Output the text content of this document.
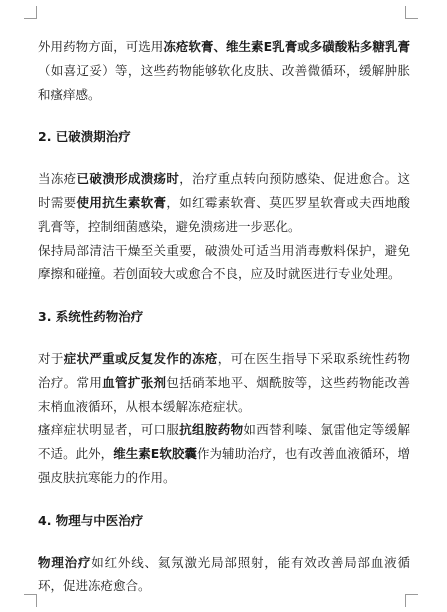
外用药物方面，可选用冻疮软膏、维生素E乳膏或多磺酸粘多糖乳膏（如喜辽妥）等，这些药物能够软化皮肤、改善微循环，缓解肿胀和瘙痒感。

2. 已破溃期治疗

当冻疮已破溃形成溃疡时，治疗重点转向预防感染、促进愈合。这时需要使用抗生素软膏，如红霉素软膏、莫匹罗星软膏或夫西地酸乳膏等，控制细菌感染，避免溃疡进一步恶化。

保持局部清洁干燥至关重要，破溃处可适当用消毒敷料保护，避免摩擦和碰撞。若创面较大或愈合不良，应及时就医进行专业处理。

3. 系统性药物治疗

对于症状严重或反复发作的冻疮，可在医生指导下采取系统性药物治疗。常用血管扩张剂包括硝苯地平、烟酰胺等，这些药物能改善末梢血液循环，从根本缓解冻疮症状。

瘙痒症状明显者，可口服抗组胺药物如西替利嗪、氯雷他定等缓解不适。此外，维生素E软胶囊作为辅助治疗，也有改善血液循环，增强皮肤抗寒能力的作用。

4. 物理与中医治疗

物理治疗如红外线、氦氖激光局部照射，能有效改善局部血液循环，促进冻疮愈合。
